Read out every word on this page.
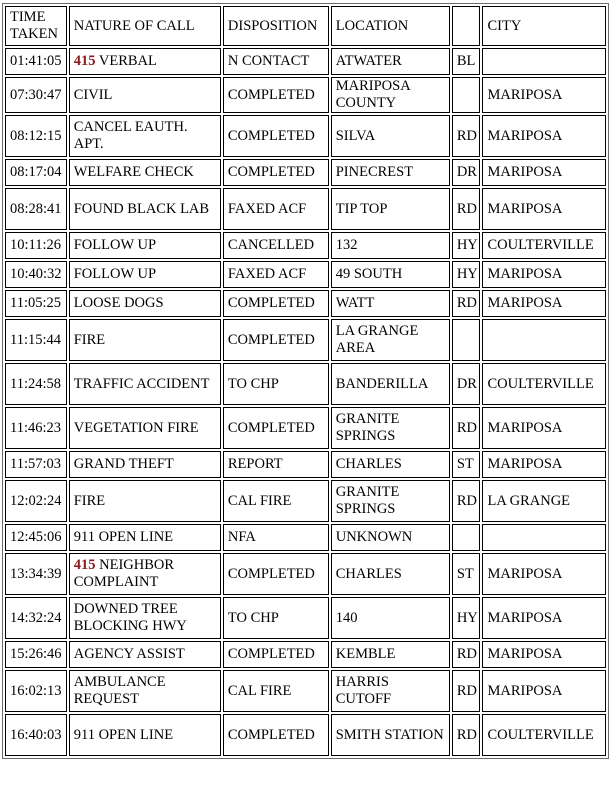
TIME TAKEN	NATURE OF CALL	DISPOSITION	LOCATION		CITY
01:41:05	415 VERBAL	N CONTACT	ATWATER	BL	
07:30:47	CIVIL	COMPLETED	MARIPOSA COUNTY		MARIPOSA
08:12:15	CANCEL EAUTH. APT.	COMPLETED	SILVA	RD	MARIPOSA
08:17:04	WELFARE CHECK	COMPLETED	PINECREST	DR	MARIPOSA
08:28:41	FOUND BLACK LAB	FAXED ACF	TIP TOP	RD	MARIPOSA
10:11:26	FOLLOW UP	CANCELLED	132	HY	COULTERVILLE
10:40:32	FOLLOW UP	FAXED ACF	49 SOUTH	HY	MARIPOSA
11:05:25	LOOSE DOGS	COMPLETED	WATT	RD	MARIPOSA
11:15:44	FIRE	COMPLETED	LA GRANGE AREA		
11:24:58	TRAFFIC ACCIDENT	TO CHP	BANDERILLA	DR	COULTERVILLE
11:46:23	VEGETATION FIRE	COMPLETED	GRANITE SPRINGS	RD	MARIPOSA
11:57:03	GRAND THEFT	REPORT	CHARLES	ST	MARIPOSA
12:02:24	FIRE	CAL FIRE	GRANITE SPRINGS	RD	LA GRANGE
12:45:06	911 OPEN LINE	NFA	UNKNOWN		
13:34:39	415 NEIGHBOR COMPLAINT	COMPLETED	CHARLES	ST	MARIPOSA
14:32:24	DOWNED TREE BLOCKING HWY	TO CHP	140	HY	MARIPOSA
15:26:46	AGENCY ASSIST	COMPLETED	KEMBLE	RD	MARIPOSA
16:02:13	AMBULANCE REQUEST	CAL FIRE	HARRIS CUTOFF	RD	MARIPOSA
16:40:03	911 OPEN LINE	COMPLETED	SMITH STATION	RD	COULTERVILLE
